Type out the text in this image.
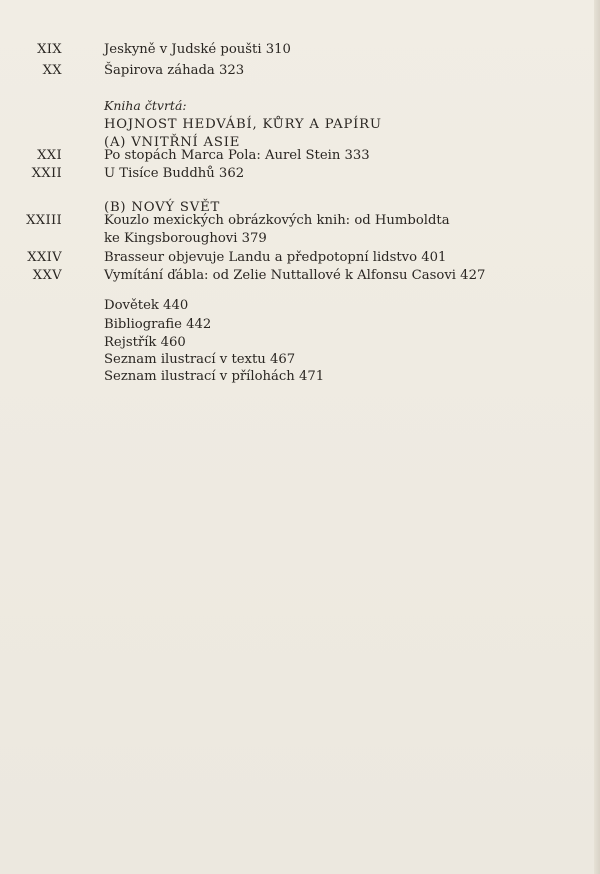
XIX	Jeskyně v Judské poušti 310
XX	Šapirova záhada 323
Kniha čtvrtá:
HOJNOST HEDVÁBÍ, KŮRY A PAPÍRU
(A) VNITŘNÍ ASIE
XXI	Po stopách Marca Pola: Aurel Stein 333
XXII	U Tisíce Buddhů 362
(B) NOVÝ SVĚT
XXIII	Kouzlo mexických obrázkových knih: od Humboldta
ke Kingsboroughovi 379
XXIV	Brasseur objevuje Landu a předpotopní lidstvo 401
XXV	Vymítání ďábla: od Zelie Nuttallové k Alfonsu Casovi 427
Dovětek 440
Bibliografie 442
Rejstřík 460
Seznam ilustrací v textu 467
Seznam ilustrací v přílohách 471
